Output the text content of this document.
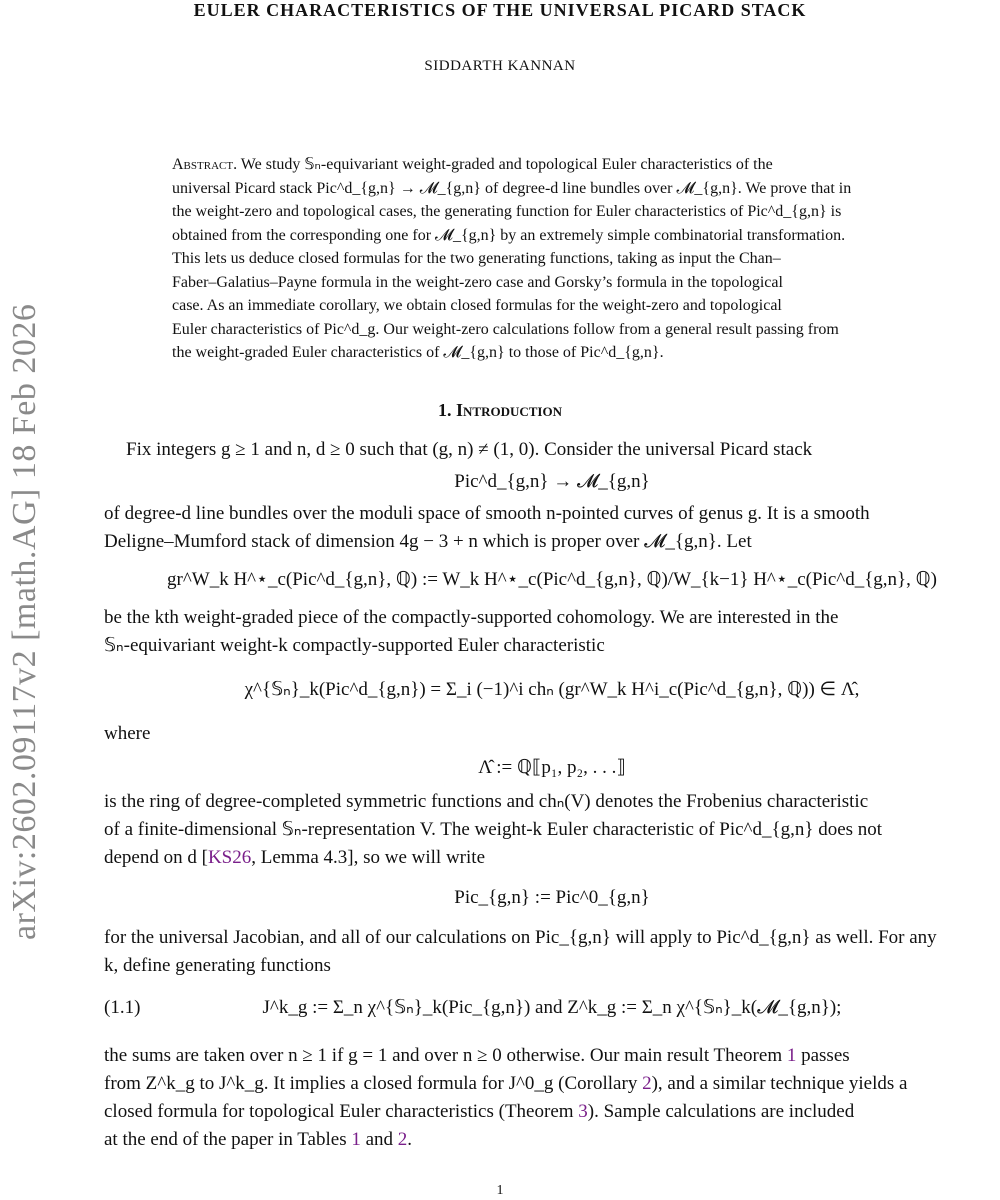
arXiv:2602.09117v2 [math.AG] 18 Feb 2026
EULER CHARACTERISTICS OF THE UNIVERSAL PICARD STACK
SIDDARTH KANNAN
Abstract. We study 𝕊ₙ-equivariant weight-graded and topological Euler characteristics of the
universal Picard stack Pic^d_{g,n} → 𝓜_{g,n} of degree-d line bundles over 𝓜_{g,n}. We prove that in
the weight-zero and topological cases, the generating function for Euler characteristics of Pic^d_{g,n} is
obtained from the corresponding one for 𝓜_{g,n} by an extremely simple combinatorial transformation.
This lets us deduce closed formulas for the two generating functions, taking as input the Chan–
Faber–Galatius–Payne formula in the weight-zero case and Gorsky’s formula in the topological
case. As an immediate corollary, we obtain closed formulas for the weight-zero and topological
Euler characteristics of Pic^d_g. Our weight-zero calculations follow from a general result passing from
the weight-graded Euler characteristics of 𝓜_{g,n} to those of Pic^d_{g,n}.
1. Introduction

Fix integers g ≥ 1 and n, d ≥ 0 such that (g, n) ≠ (1, 0). Consider the universal Picard stack

Pic^d_{g,n} → 𝓜_{g,n}

of degree-d line bundles over the moduli space of smooth n-pointed curves of genus g. It is a smooth

Deligne–Mumford stack of dimension 4g − 3 + n which is proper over 𝓜_{g,n}. Let

gr^W_k H^⋆_c(Pic^d_{g,n}, ℚ) := W_k H^⋆_c(Pic^d_{g,n}, ℚ)/W_{k−1} H^⋆_c(Pic^d_{g,n}, ℚ)

be the kth weight-graded piece of the compactly-supported cohomology. We are interested in the

𝕊ₙ-equivariant weight-k compactly-supported Euler characteristic

χ^{𝕊ₙ}_k(Pic^d_{g,n}) = Σ_i (−1)^i chₙ (gr^W_k H^i_c(Pic^d_{g,n}, ℚ)) ∈ Λ̂,

where

Λ̂ := ℚ⟦p₁, p₂, . . .⟧

is the ring of degree-completed symmetric functions and chₙ(V) denotes the Frobenius characteristic

of a finite-dimensional 𝕊ₙ-representation V. The weight-k Euler characteristic of Pic^d_{g,n} does not

depend on d [KS26, Lemma 4.3], so we will write

Pic_{g,n} := Pic^0_{g,n}

for the universal Jacobian, and all of our calculations on Pic_{g,n} will apply to Pic^d_{g,n} as well. For any

k, define generating functions

(1.1)	J^k_g := Σ_n χ^{𝕊ₙ}_k(Pic_{g,n}) and Z^k_g := Σ_n χ^{𝕊ₙ}_k(𝓜_{g,n});

the sums are taken over n ≥ 1 if g = 1 and over n ≥ 0 otherwise. Our main result Theorem 1 passes

from Z^k_g to J^k_g. It implies a closed formula for J^0_g (Corollary 2), and a similar technique yields a

closed formula for topological Euler characteristics (Theorem 3). Sample calculations are included

at the end of the paper in Tables 1 and 2.

1
